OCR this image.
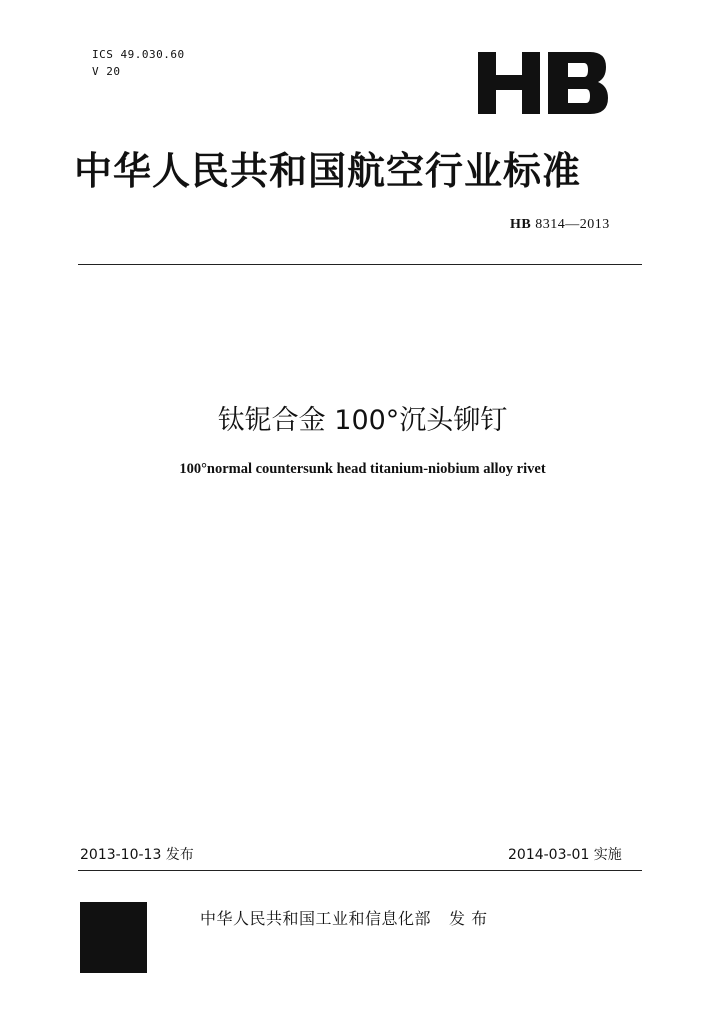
ICS 49.030.60
V 20
中华人民共和国航空行业标准
HB 8314—2013
钛铌合金 100°沉头铆钉
100°normal countersunk head titanium-niobium alloy rivet
2013-10-13 发布	2014-03-01 实施
中华人民共和国工业和信息化部 发 布
